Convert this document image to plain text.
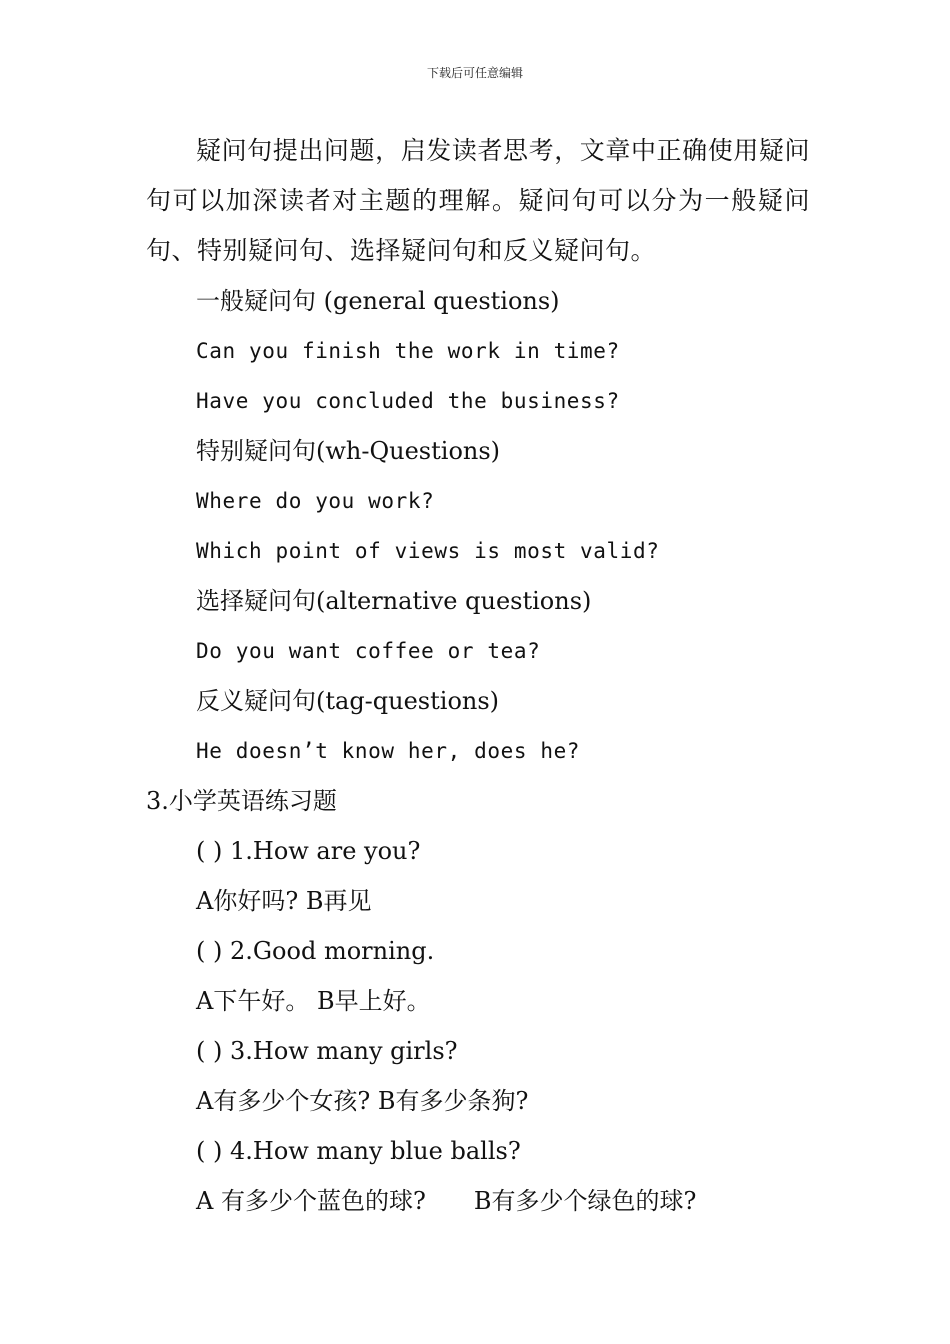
下载后可任意编辑

疑问句提出问题，启发读者思考，文章中正确使用疑问句可以加深读者对主题的理解。疑问句可以分为一般疑问句、特别疑问句、选择疑问句和反义疑问句。

一般疑问句 (general questions)

Can you finish the work in time?

Have you concluded the business?

特别疑问句(wh-Questions)

Where do you work?

Which point of views is most valid?

选择疑问句(alternative questions)

Do you want coffee or tea?

反义疑问句(tag-questions)

He doesn’t know her, does he?

3.小学英语练习题

( ) 1.How are you?

A你好吗? B再见

( ) 2.Good morning.

A下午好。 B早上好。

( ) 3.How many girls?

A有多少个女孩? B有多少条狗?

( ) 4.How many blue balls?

A 有多少个蓝色的球? B有多少个绿色的球?
